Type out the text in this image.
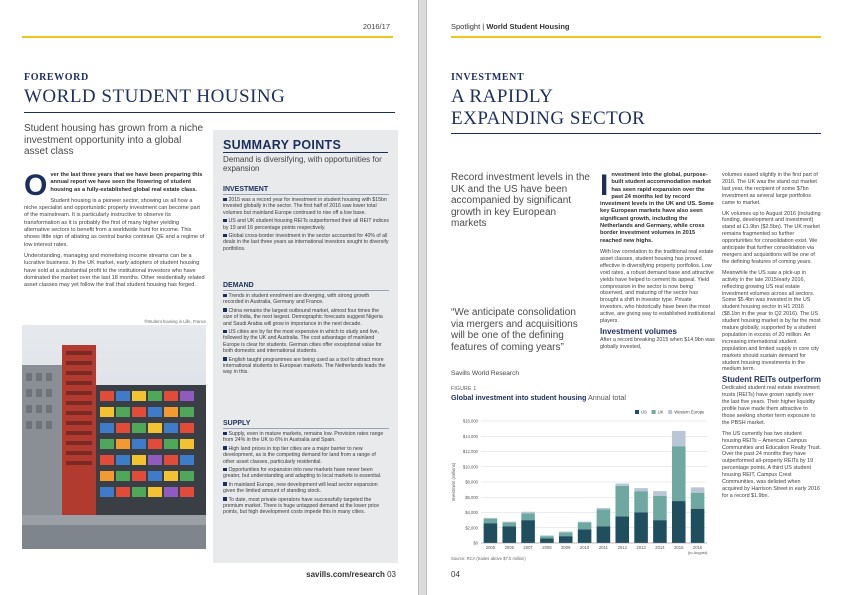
2016/17
FOREWORD
WORLD STUDENT HOUSING
Student housing has grown from a niche investment opportunity into a global asset class

O ver the last three years that we have been preparing this annual report we have seen the flowering of student housing as a fully-established global real estate class.

Student housing is a pioneer sector, showing us all how a niche specialist and opportunistic property investment can become part of the mainstream. It is particularly instructive to observe its transformation as it is probably the first of many higher yielding alternative sectors to benefit from a worldwide hunt for income. This shows little sign of abating as central banks continue QE and a regime of low interest rates.

Understanding, managing and monetising income streams can be a lucrative business. In the UK market, early adopters of student housing have sold at a substantial profit to the institutional investors who have dominated the market over the last 18 months. Other residentially related asset classes may yet follow the trail that student housing has forged.

®Student housing in Lille, France
SUMMARY POINTS
Demand is diversifying, with opportunities for expansion
INVESTMENT

2015 was a record year for investment in student housing with $15bn invested globally in the sector. The first half of 2016 saw lower total volumes but mainland Europe continued to rise off a low base.

US and UK student housing REITs outperformed their all REIT indices by 19 and 16 percentage points respectively.

Global cross-border investment in the sector accounted for 40% of all deals in the last three years as international investors sought to diversify portfolios.

DEMAND

Trends in student enrolment are diverging, with strong growth recorded in Australia, Germany and France.

China remains the largest outbound market, almost four times the size of India, the next largest. Demographic forecasts suggest Nigeria and Saudi Arabia will grow in importance in the next decade.

US cities are by far the most expensive in which to study and live, followed by the UK and Australia. The cost advantage of mainland Europe is clear for students. German cities offer exceptional value for both domestic and international students.

English taught programmes are being used as a tool to attract more international students to European markets. The Netherlands leads the way in this.

SUPPLY

Supply, even in mature markets, remains low. Provision rates range from 24% in the UK to 6% in Australia and Spain.

High land prices in top tier cities are a major barrier to new development, as is the competing demand for land from a range of other asset classes, particularly residential.

Opportunities for expansion into new markets have never been greater, but understanding and adapting to local markets is essential.

In mainland Europe, new development will lead sector expansion given the limited amount of standing stock.

To date, most private operators have successfully targeted the premium market. There is huge untapped demand at the lower price points, but high development costs impede this in many cities.

savills.com/research 03
Spotlight | World Student Housing
INVESTMENT
A RAPIDLY
EXPANDING SECTOR
Record investment levels in the UK and the US have been accompanied by significant growth in key European markets
“We anticipate consolidation via mergers and acquisitions will be one of the defining features of coming years”
Savills World Research

I nvestment into the global, purpose-built student accommodation market has seen rapid expansion over the past 24 months led by record investment levels in the UK and US. Some key European markets have also seen significant growth, including the Netherlands and Germany, while cross border investment volumes in 2015 reached new highs.

With low correlation to the traditional real estate asset classes, student housing has proved effective in diversifying property portfolios. Low void rates, a robust demand base and attractive yields have helped to cement its appeal. Yield compression in the sector is now being observed, and maturing of the sector has brought a shift in investor type. Private investors, who historically have been the most active, are giving way to established institutional players.

Investment volumes

After a record breaking 2015 when $14.9bn was globally invested,

volumes eased slightly in the first part of 2016. The UK was the stand out market last year, the recipient of some $7bn investment as several large portfolios came to market.

UK volumes up to August 2016 (including funding, development and investment) stand at £1.9bn ($2.5bn). The UK market remains fragmented so further opportunities for consolidation exist. We anticipate that further consolidation via mergers and acquisitions will be one of the defining features of coming years.

Meanwhile the US saw a pick-up in activity in the late 2015/early 2016, reflecting growing US real estate investment volumes across all sectors. Some $5.4bn was invested in the US student housing sector in H1 2016 ($8.1bn in the year to Q2 2016). The US student housing market is by far the most mature globally, supported by a student population in excess of 20 million. An increasing international student population and limited supply in core city markets should sustain demand for student housing investments in the medium term.

Student REITs outperform

Dedicated student real estate investment trusts (REITs) have grown rapidly over the last five years. Their higher liquidity profile have made them attractive to those seeking shorter term exposure to the PBSH market.

The US currently has two student housing REITs – American Campus Communities and Education Realty Trust. Over the past 24 months they have outperformed all-property REITs by 19 percentage points. A third US student housing REIT, Campus Crest Communities, was delisted when acquired by Harrison Street in early 2016 for a record $1.9bn.

FIGURE 1
Global investment into student housing Annual total
$0
$2,000
$4,000
$6,000
$8,000
$10,000
$12,000
$14,000
$16,000
Investment (millions)
2005 2006 2007 2008 2009 2010 2011 2012 2013 2014 2015 2016
(to August)
US	UK	Western Europe
Source: RCA (trades above $7.5 million)
04
